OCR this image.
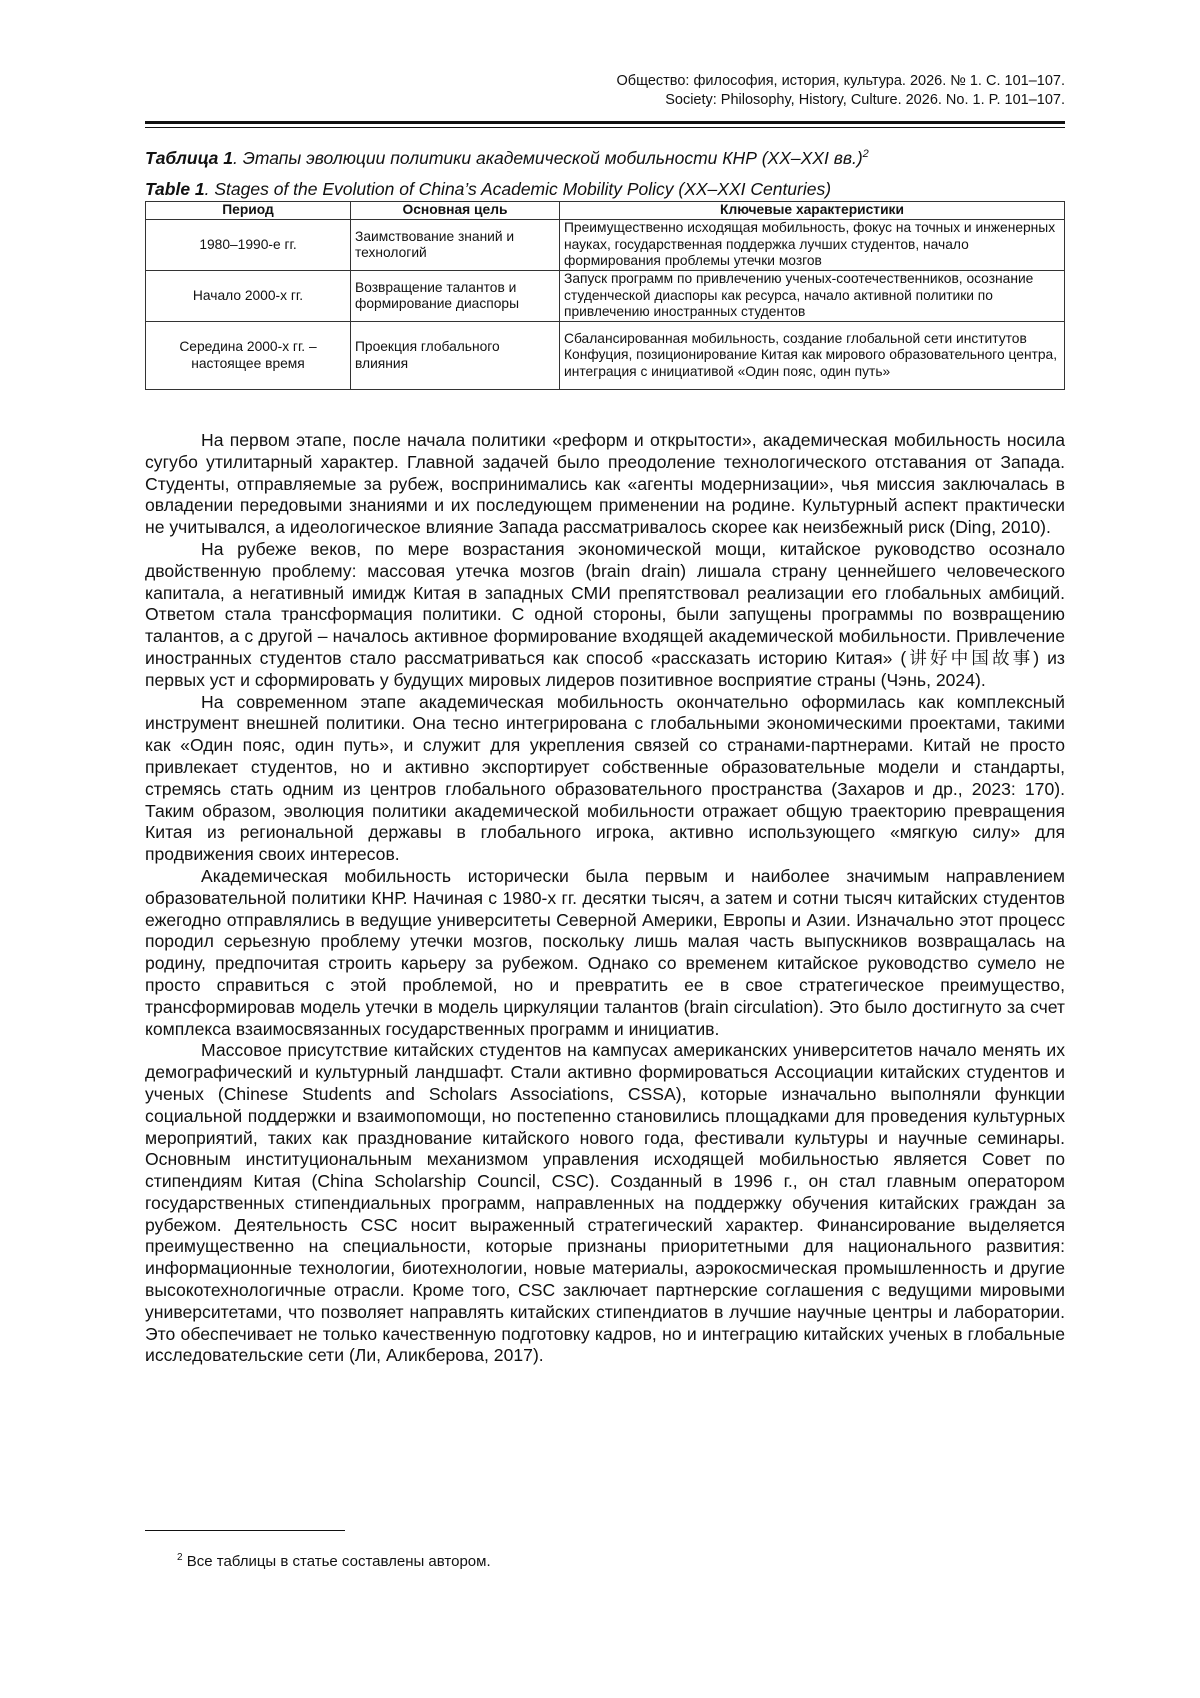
Общество: философия, история, культура. 2026. № 1. С. 101–107.
Society: Philosophy, History, Culture. 2026. No. 1. P. 101–107.
Таблица 1. Этапы эволюции политики академической мобильности КНР (XX–XXI вв.)$^2$
Table 1. Stages of the Evolution of China’s Academic Mobility Policy (XX–XXI Centuries)
Период	Основная цель	Ключевые характеристики
1980–1990-е гг.	Заимствование знаний и технологий	Преимущественно исходящая мобильность, фокус на точных и инженерных науках, государственная поддержка лучших студентов, начало формирования проблемы утечки мозгов
Начало 2000-х гг.	Возвращение талантов и формирование диаспоры	Запуск программ по привлечению ученых-соотечественников, осознание студенческой диаспоры как ресурса, начало активной политики по привлечению иностранных студентов
Середина 2000-х гг. – настоящее время	Проекция глобального влияния	Сбалансированная мобильность, создание глобальной сети институтов Конфуция, позиционирование Китая как мирового образовательного центра, интеграция с инициативой «Один пояс, один путь»

На первом этапе, после начала политики «реформ и открытости», академическая мобильность носила сугубо утилитарный характер. Главной задачей было преодоление технологического отставания от Запада. Студенты, отправляемые за рубеж, воспринимались как «агенты модернизации», чья миссия заключалась в овладении передовыми знаниями и их последующем применении на родине. Культурный аспект практически не учитывался, а идеологическое влияние Запада рассматривалось скорее как неизбежный риск (Ding, 2010).

На рубеже веков, по мере возрастания экономической мощи, китайское руководство осознало двойственную проблему: массовая утечка мозгов (brain drain) лишала страну ценнейшего человеческого капитала, а негативный имидж Китая в западных СМИ препятствовал реализации его глобальных амбиций. Ответом стала трансформация политики. С одной стороны, были запущены программы по возвращению талантов, а с другой – началось активное формирование входящей академической мобильности. Привлечение иностранных студентов стало рассматриваться как способ «рассказать историю Китая» (讲好中国故事) из первых уст и сформировать у будущих мировых лидеров позитивное восприятие страны (Чэнь, 2024).

На современном этапе академическая мобильность окончательно оформилась как комплексный инструмент внешней политики. Она тесно интегрирована с глобальными экономическими проектами, такими как «Один пояс, один путь», и служит для укрепления связей со странами-партнерами. Китай не просто привлекает студентов, но и активно экспортирует собственные образовательные модели и стандарты, стремясь стать одним из центров глобального образовательного пространства (Захаров и др., 2023: 170). Таким образом, эволюция политики академической мобильности отражает общую траекторию превращения Китая из региональной державы в глобального игрока, активно использующего «мягкую силу» для продвижения своих интересов.

Академическая мобильность исторически была первым и наиболее значимым направлением образовательной политики КНР. Начиная с 1980-х гг. десятки тысяч, а затем и сотни тысяч китайских студентов ежегодно отправлялись в ведущие университеты Северной Америки, Европы и Азии. Изначально этот процесс породил серьезную проблему утечки мозгов, поскольку лишь малая часть выпускников возвращалась на родину, предпочитая строить карьеру за рубежом. Однако со временем китайское руководство сумело не просто справиться с этой проблемой, но и превратить ее в свое стратегическое преимущество, трансформировав модель утечки в модель циркуляции талантов (brain circulation). Это было достигнуто за счет комплекса взаимосвязанных государственных программ и инициатив.

Массовое присутствие китайских студентов на кампусах американских университетов начало менять их демографический и культурный ландшафт. Стали активно формироваться Ассоциации китайских студентов и ученых (Chinese Students and Scholars Associations, CSSA), которые изначально выполняли функции социальной поддержки и взаимопомощи, но постепенно становились площадками для проведения культурных мероприятий, таких как празднование китайского нового года, фестивали культуры и научные семинары. Основным институциональным механизмом управления исходящей мобильностью является Совет по стипендиям Китая (China Scholarship Council, CSC). Созданный в 1996 г., он стал главным оператором государственных стипендиальных программ, направленных на поддержку обучения китайских граждан за рубежом. Деятельность CSC носит выраженный стратегический характер. Финансирование выделяется преимущественно на специальности, которые признаны приоритетными для национального развития: информационные технологии, биотехнологии, новые материалы, аэрокосмическая промышленность и другие высокотехнологичные отрасли. Кроме того, CSC заключает партнерские соглашения с ведущими мировыми университетами, что позволяет направлять китайских стипендиатов в лучшие научные центры и лаборатории. Это обеспечивает не только качественную подготовку кадров, но и интеграцию китайских ученых в глобальные исследовательские сети (Ли, Аликберова, 2017).

$^2$ Все таблицы в статье составлены автором.
